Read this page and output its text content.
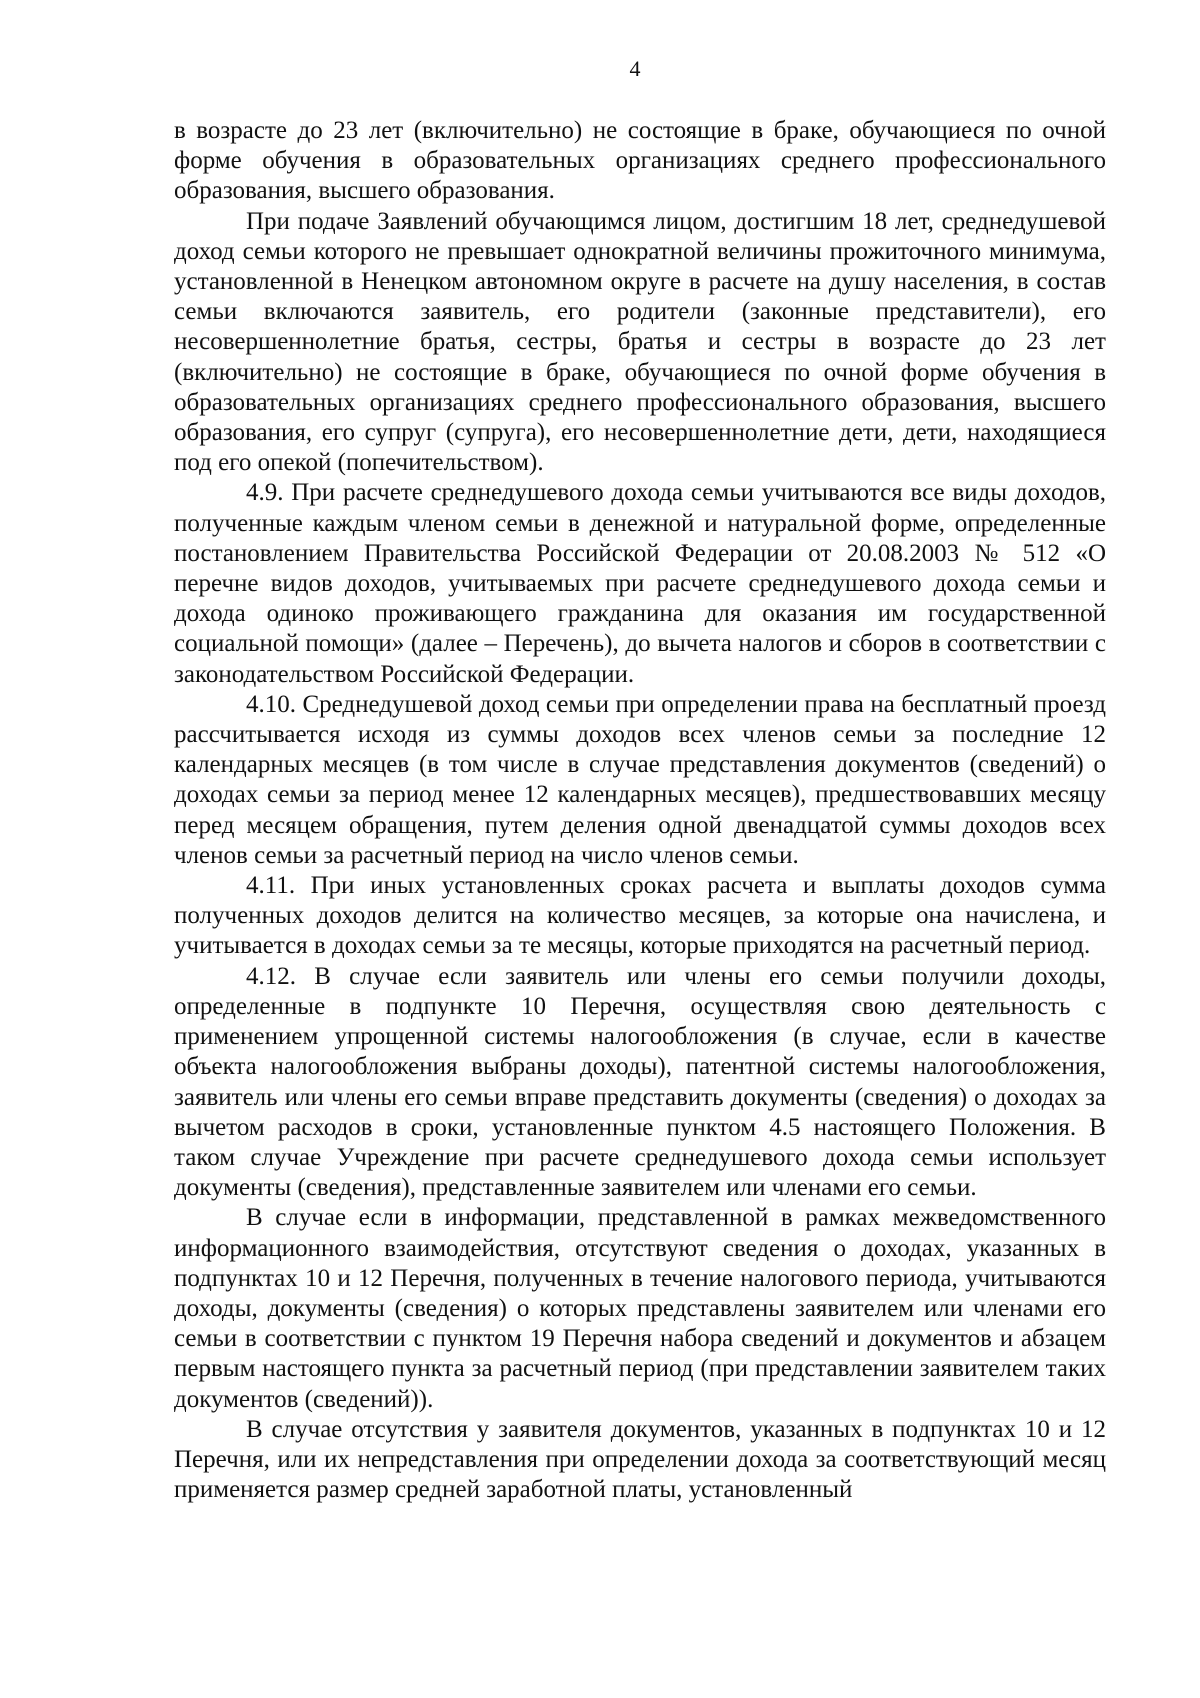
4

в возрасте до 23 лет (включительно) не состоящие в браке, обучающиеся по очной форме обучения в образовательных организациях среднего профессионального образования, высшего образования.

При подаче Заявлений обучающимся лицом, достигшим 18 лет, среднедушевой доход семьи которого не превышает однократной величины прожиточного минимума, установленной в Ненецком автономном округе в расчете на душу населения, в состав семьи включаются заявитель, его родители (законные представители), его несовершеннолетние братья, сестры, братья и сестры в возрасте до 23 лет (включительно) не состоящие в браке, обучающиеся по очной форме обучения в образовательных организациях среднего профессионального образования, высшего образования, его супруг (супруга), его несовершеннолетние дети, дети, находящиеся под его опекой (попечительством).

4.9. При расчете среднедушевого дохода семьи учитываются все виды доходов, полученные каждым членом семьи в денежной и натуральной форме, определенные постановлением Правительства Российской Федерации от 20.08.2003 № 512 «О перечне видов доходов, учитываемых при расчете среднедушевого дохода семьи и дохода одиноко проживающего гражданина для оказания им государственной социальной помощи» (далее – Перечень), до вычета налогов и сборов в соответствии с законодательством Российской Федерации.

4.10. Среднедушевой доход семьи при определении права на бесплатный проезд рассчитывается исходя из суммы доходов всех членов семьи за последние 12 календарных месяцев (в том числе в случае представления документов (сведений) о доходах семьи за период менее 12 календарных месяцев), предшествовавших месяцу перед месяцем обращения, путем деления одной двенадцатой суммы доходов всех членов семьи за расчетный период на число членов семьи.

4.11. При иных установленных сроках расчета и выплаты доходов сумма полученных доходов делится на количество месяцев, за которые она начислена, и учитывается в доходах семьи за те месяцы, которые приходятся на расчетный период.

4.12. В случае если заявитель или члены его семьи получили доходы, определенные в подпункте 10 Перечня, осуществляя свою деятельность с применением упрощенной системы налогообложения (в случае, если в качестве объекта налогообложения выбраны доходы), патентной системы налогообложения, заявитель или члены его семьи вправе представить документы (сведения) о доходах за вычетом расходов в сроки, установленные пунктом 4.5 настоящего Положения. В таком случае Учреждение при расчете среднедушевого дохода семьи использует документы (сведения), представленные заявителем или членами его семьи.

В случае если в информации, представленной в рамках межведомственного информационного взаимодействия, отсутствуют сведения о доходах, указанных в подпунктах 10 и 12 Перечня, полученных в течение налогового периода, учитываются доходы, документы (сведения) о которых представлены заявителем или членами его семьи в соответствии с пунктом 19 Перечня набора сведений и документов и абзацем первым настоящего пункта за расчетный период (при представлении заявителем таких документов (сведений)).

В случае отсутствия у заявителя документов, указанных в подпунктах 10 и 12 Перечня, или их непредставления при определении дохода за соответствующий месяц применяется размер средней заработной платы, установленный
